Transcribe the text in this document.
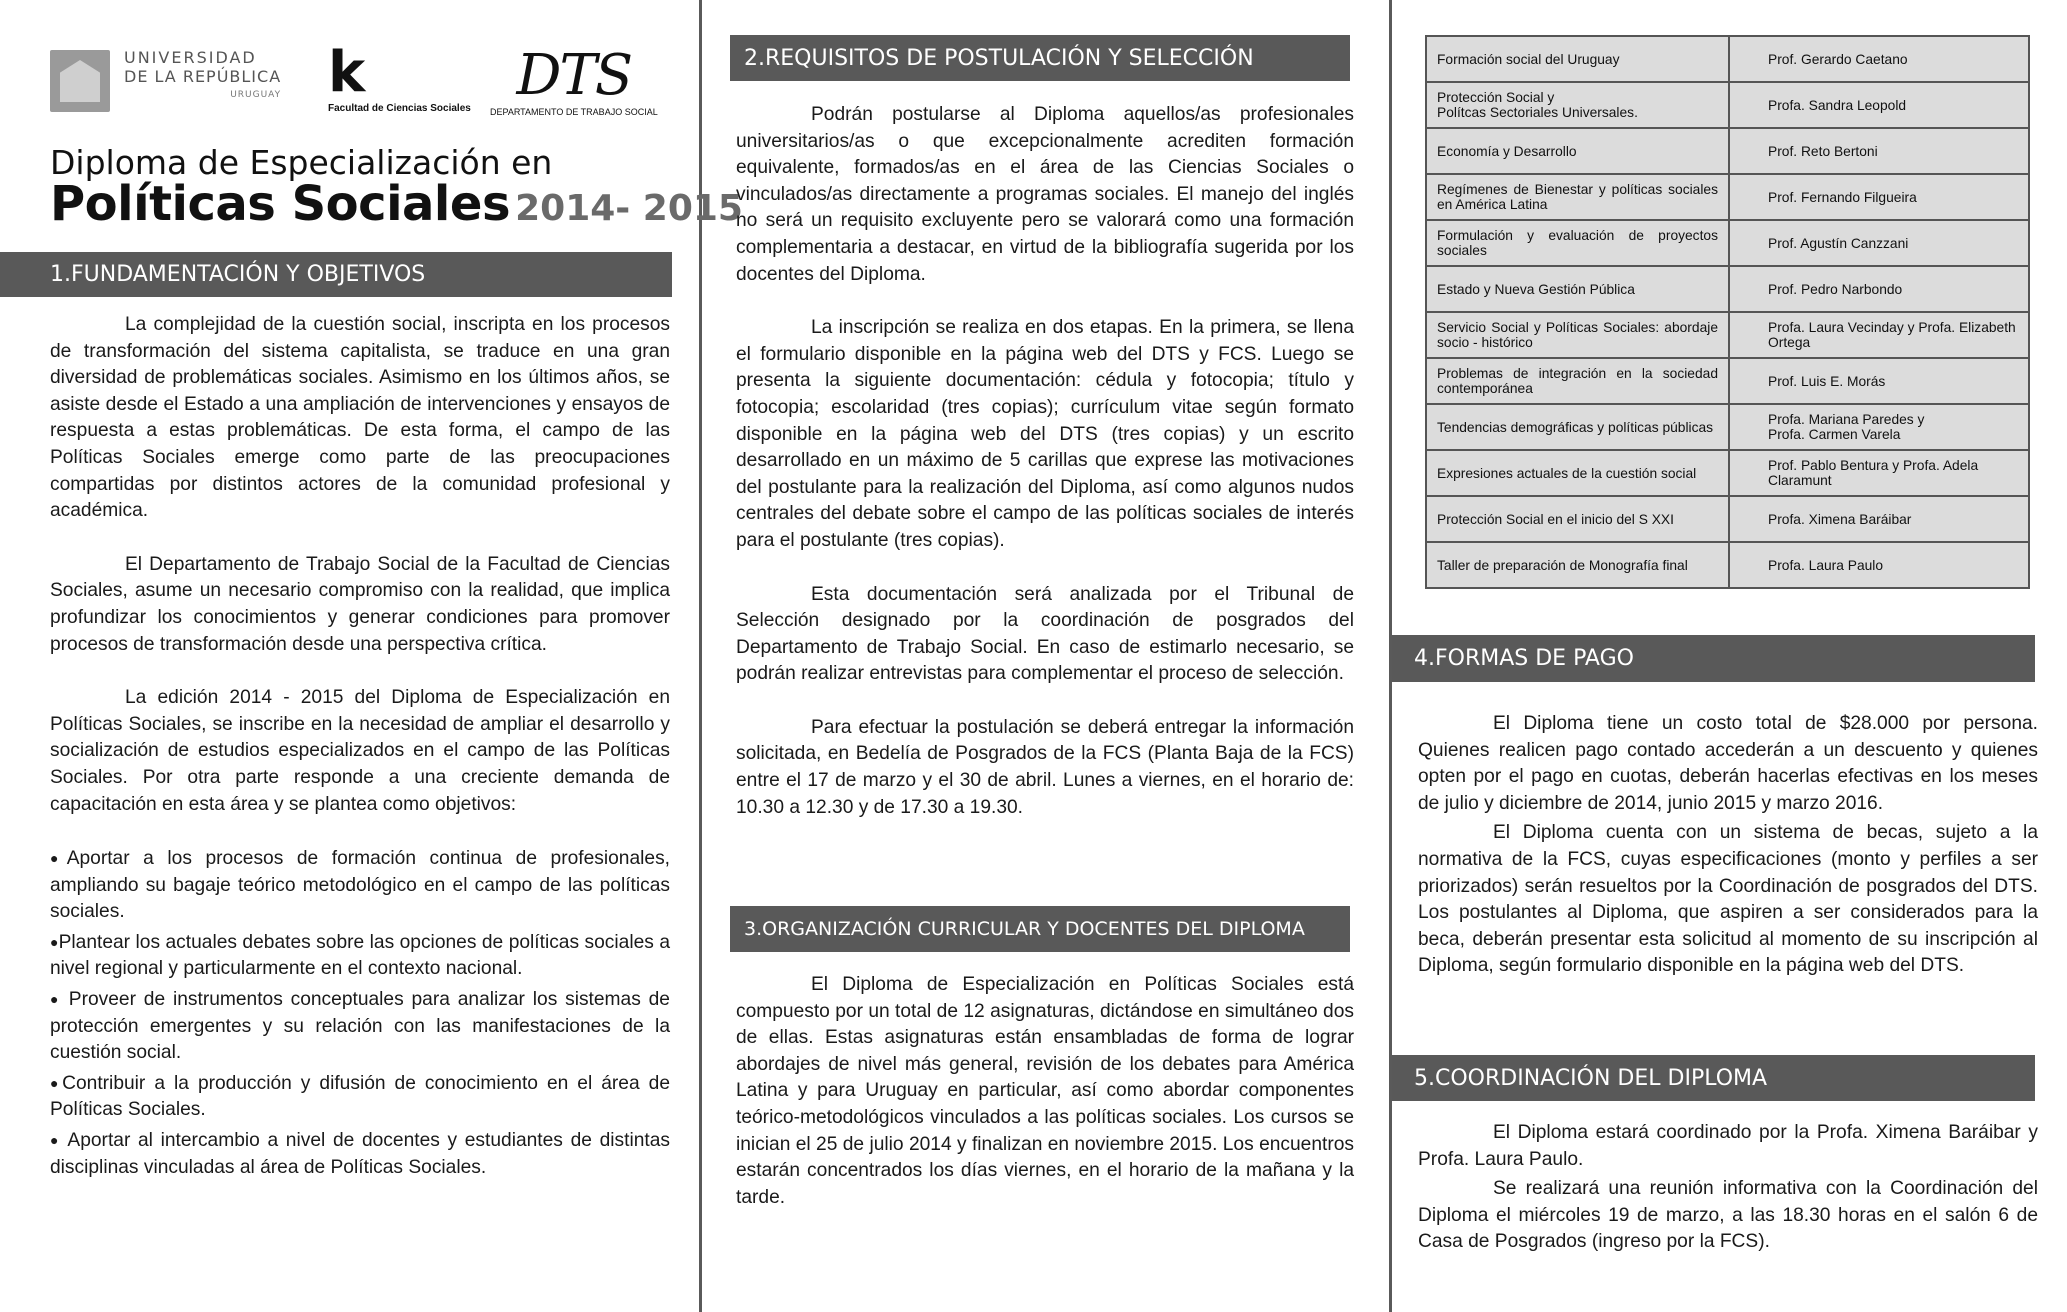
UNIVERSIDAD
DE LA REPÚBLICA
URUGUAY k
Facultad de Ciencias Sociales
DTS
DEPARTAMENTO DE TRABAJO SOCIAL
Diploma de Especialización en
Políticas Sociales 2014- 2015
1.FUNDAMENTACIÓN Y OBJETIVOS

La complejidad de la cuestión social, inscripta en los procesos de transformación del sistema capitalista, se traduce en una gran diversidad de problemáticas sociales. Asimismo en los últimos años, se asiste desde el Estado a una ampliación de intervenciones y ensayos de respuesta a estas problemáticas. De esta forma, el campo de las Políticas Sociales emerge como parte de las preocupaciones compartidas por distintos actores de la comunidad profesional y académica.

El Departamento de Trabajo Social de la Facultad de Ciencias Sociales, asume un necesario compromiso con la realidad, que implica profundizar los conocimientos y generar condiciones para promover procesos de transformación desde una perspectiva crítica.

La edición 2014 - 2015 del Diploma de Especialización en Políticas Sociales, se inscribe en la necesidad de ampliar el desarrollo y socialización de estudios especializados en el campo de las Políticas Sociales. Por otra parte responde a una creciente demanda de capacitación en esta área y se plantea como objetivos:

●Aportar a los procesos de formación continua de profesionales, ampliando su bagaje teórico metodológico en el campo de las políticas sociales.

●Plantear los actuales debates sobre las opciones de políticas sociales a nivel regional y particularmente en el contexto nacional.

● Proveer de instrumentos conceptuales para analizar los sistemas de protección emergentes y su relación con las manifestaciones de la cuestión social.

●Contribuir a la producción y difusión de conocimiento en el área de Políticas Sociales.

● Aportar al intercambio a nivel de docentes y estudiantes de distintas disciplinas vinculadas al área de Políticas Sociales.

2.REQUISITOS DE POSTULACIÓN Y SELECCIÓN

Podrán postularse al Diploma aquellos/as profesionales universitarios/as o que excepcionalmente acrediten formación equivalente, formados/as en el área de las Ciencias Sociales o vinculados/as directamente a programas sociales. El manejo del inglés no será un requisito excluyente pero se valorará como una formación complementaria a destacar, en virtud de la bibliografía sugerida por los docentes del Diploma.

La inscripción se realiza en dos etapas. En la primera, se llena el formulario disponible en la página web del DTS y FCS. Luego se presenta la siguiente documentación: cédula y fotocopia; título y fotocopia; escolaridad (tres copias); currículum vitae según formato disponible en la página web del DTS (tres copias) y un escrito desarrollado en un máximo de 5 carillas que exprese las motivaciones del postulante para la realización del Diploma, así como algunos nudos centrales del debate sobre el campo de las políticas sociales de interés para el postulante (tres copias).

Esta documentación será analizada por el Tribunal de Selección designado por la coordinación de posgrados del Departamento de Trabajo Social. En caso de estimarlo necesario, se podrán realizar entrevistas para complementar el proceso de selección.

Para efectuar la postulación se deberá entregar la información solicitada, en Bedelía de Posgrados de la FCS (Planta Baja de la FCS) entre el 17 de marzo y el 30 de abril. Lunes a viernes, en el horario de: 10.30 a 12.30 y de 17.30 a 19.30.

3.ORGANIZACIÓN CURRICULAR Y DOCENTES DEL DIPLOMA

El Diploma de Especialización en Políticas Sociales está compuesto por un total de 12 asignaturas, dictándose en simultáneo dos de ellas. Estas asignaturas están ensambladas de forma de lograr abordajes de nivel más general, revisión de los debates para América Latina y para Uruguay en particular, así como abordar componentes teórico-metodológicos vinculados a las políticas sociales. Los cursos se inician el 25 de julio 2014 y finalizan en noviembre 2015. Los encuentros estarán concentrados los días viernes, en el horario de la mañana y la tarde.

Formación social del Uruguay	Prof. Gerardo Caetano
Protección Social y
Polítcas Sectoriales Universales.	Profa. Sandra Leopold
Economía y Desarrollo	Prof. Reto Bertoni
Regímenes de Bienestar y políticas sociales en América Latina	Prof. Fernando Filgueira
Formulación y evaluación de proyectos sociales	Prof. Agustín Canzzani
Estado y Nueva Gestión Pública	Prof. Pedro Narbondo
Servicio Social y Políticas Sociales: abordaje socio - histórico	Profa. Laura Vecinday y Profa. Elizabeth Ortega
Problemas de integración en la sociedad contemporánea	Prof. Luis E. Morás
Tendencias demográficas y políticas públicas	Profa. Mariana Paredes y
Profa. Carmen Varela
Expresiones actuales de la cuestión social	Prof. Pablo Bentura y Profa. Adela Claramunt
Protección Social en el inicio del S XXI	Profa. Ximena Baráibar
Taller de preparación de Monografía final	Profa. Laura Paulo
4.FORMAS DE PAGO

El Diploma tiene un costo total de $28.000 por persona. Quienes realicen pago contado accederán a un descuento y quienes opten por el pago en cuotas, deberán hacerlas efectivas en los meses de julio y diciembre de 2014, junio 2015 y marzo 2016.

El Diploma cuenta con un sistema de becas, sujeto a la normativa de la FCS, cuyas especificaciones (monto y perfiles a ser priorizados) serán resueltos por la Coordinación de posgrados del DTS. Los postulantes al Diploma, que aspiren a ser considerados para la beca, deberán presentar esta solicitud al momento de su inscripción al Diploma, según formulario disponible en la página web del DTS.

5.COORDINACIÓN DEL DIPLOMA

El Diploma estará coordinado por la Profa. Ximena Baráibar y Profa. Laura Paulo.

Se realizará una reunión informativa con la Coordinación del Diploma el miércoles 19 de marzo, a las 18.30 horas en el salón 6 de Casa de Posgrados (ingreso por la FCS).
